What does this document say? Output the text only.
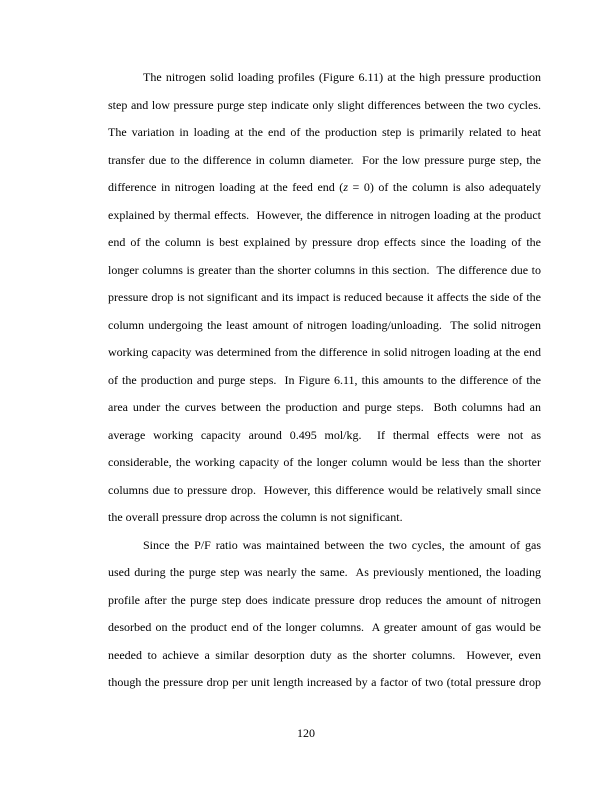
The nitrogen solid loading profiles (Figure 6.11) at the high pressure production
step and low pressure purge step indicate only slight differences between the two cycles.
The variation in loading at the end of the production step is primarily related to heat
transfer due to the difference in column diameter.  For the low pressure purge step, the
difference in nitrogen loading at the feed end (z = 0) of the column is also adequately
explained by thermal effects.  However, the difference in nitrogen loading at the product
end of the column is best explained by pressure drop effects since the loading of the
longer columns is greater than the shorter columns in this section.  The difference due to
pressure drop is not significant and its impact is reduced because it affects the side of the
column undergoing the least amount of nitrogen loading/unloading.  The solid nitrogen
working capacity was determined from the difference in solid nitrogen loading at the end
of the production and purge steps.  In Figure 6.11, this amounts to the difference of the
area under the curves between the production and purge steps.  Both columns had an
average working capacity around 0.495 mol/kg.  If thermal effects were not as
considerable, the working capacity of the longer column would be less than the shorter
columns due to pressure drop.  However, this difference would be relatively small since
the overall pressure drop across the column is not significant.
Since the P/F ratio was maintained between the two cycles, the amount of gas
used during the purge step was nearly the same.  As previously mentioned, the loading
profile after the purge step does indicate pressure drop reduces the amount of nitrogen
desorbed on the product end of the longer columns.  A greater amount of gas would be
needed to achieve a similar desorption duty as the shorter columns.  However, even
though the pressure drop per unit length increased by a factor of two (total pressure drop
120
